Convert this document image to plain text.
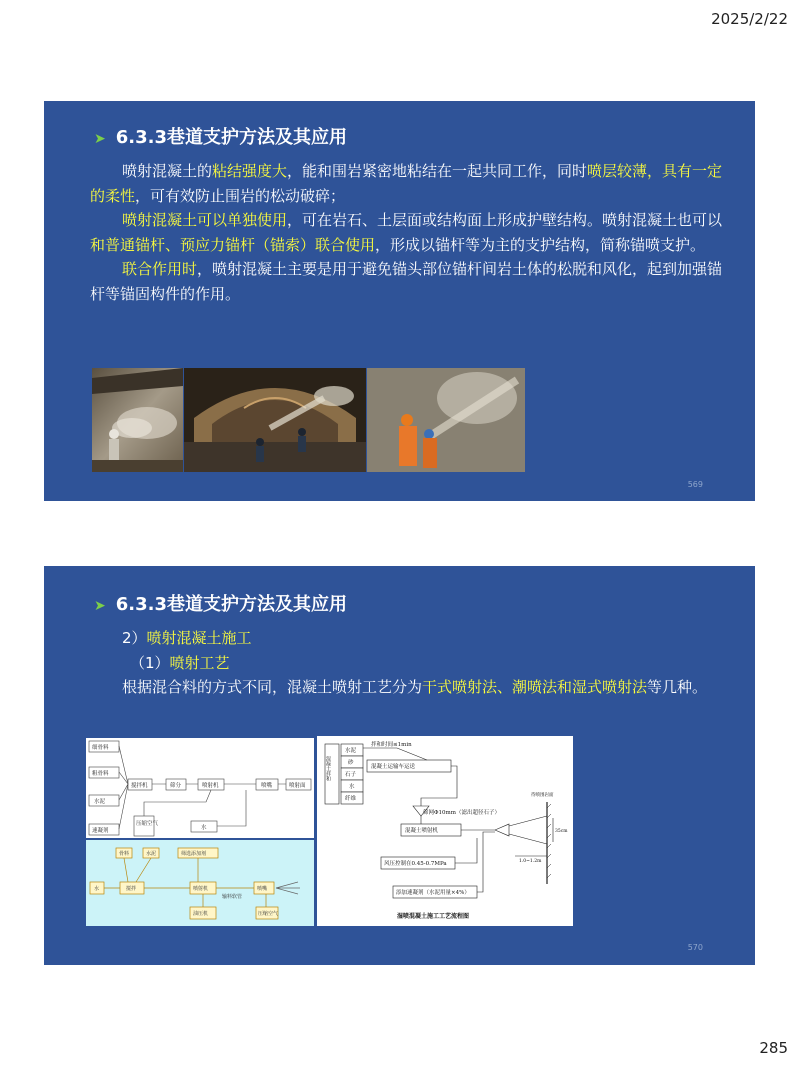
2025/2/22
➤ 6.3.3巷道支护方法及其应用

喷射混凝土的粘结强度大，能和围岩紧密地粘结在一起共同工作，同时喷层较薄，具有一定的柔性，可有效防止围岩的松动破碎；

喷射混凝土可以单独使用，可在岩石、土层面或结构面上形成护壁结构。喷射混凝土也可以和普通锚杆、预应力锚杆（锚索）联合使用，形成以锚杆等为主的支护结构，简称锚喷支护。

联合作用时，喷射混凝土主要是用于避免锚头部位锚杆间岩土体的松脱和风化，起到加强锚杆等锚固构件的作用。

569
➤ 6.3.3巷道支护方法及其应用

2）喷射混凝土施工

（1）喷射工艺

根据混合料的方式不同，混凝土喷射工艺分为干式喷射法、潮喷法和湿式喷射法等几种。

细骨料
粗骨料
水泥
速凝剂
搅拌机	筛分	喷射机	喷嘴	喷射面
压缩空气
水
骨料	水泥	筛选添加剂
水	搅拌	喷射机	喷嘴
输料软管
油压机	压缩空气
混凝土拌和
水泥
砂
石子
水
纤维
拌和时间≤1min
混凝土运输车运送
筛网Φ10mm（滤出超径石子）
混凝土喷射机
风压控制在0.45-0.7MPa
添加速凝剂（水泥用量×4%）
待喷围岩面
35cm
1.0~1.2m
湿喷混凝土施工工艺流程图
570
285
